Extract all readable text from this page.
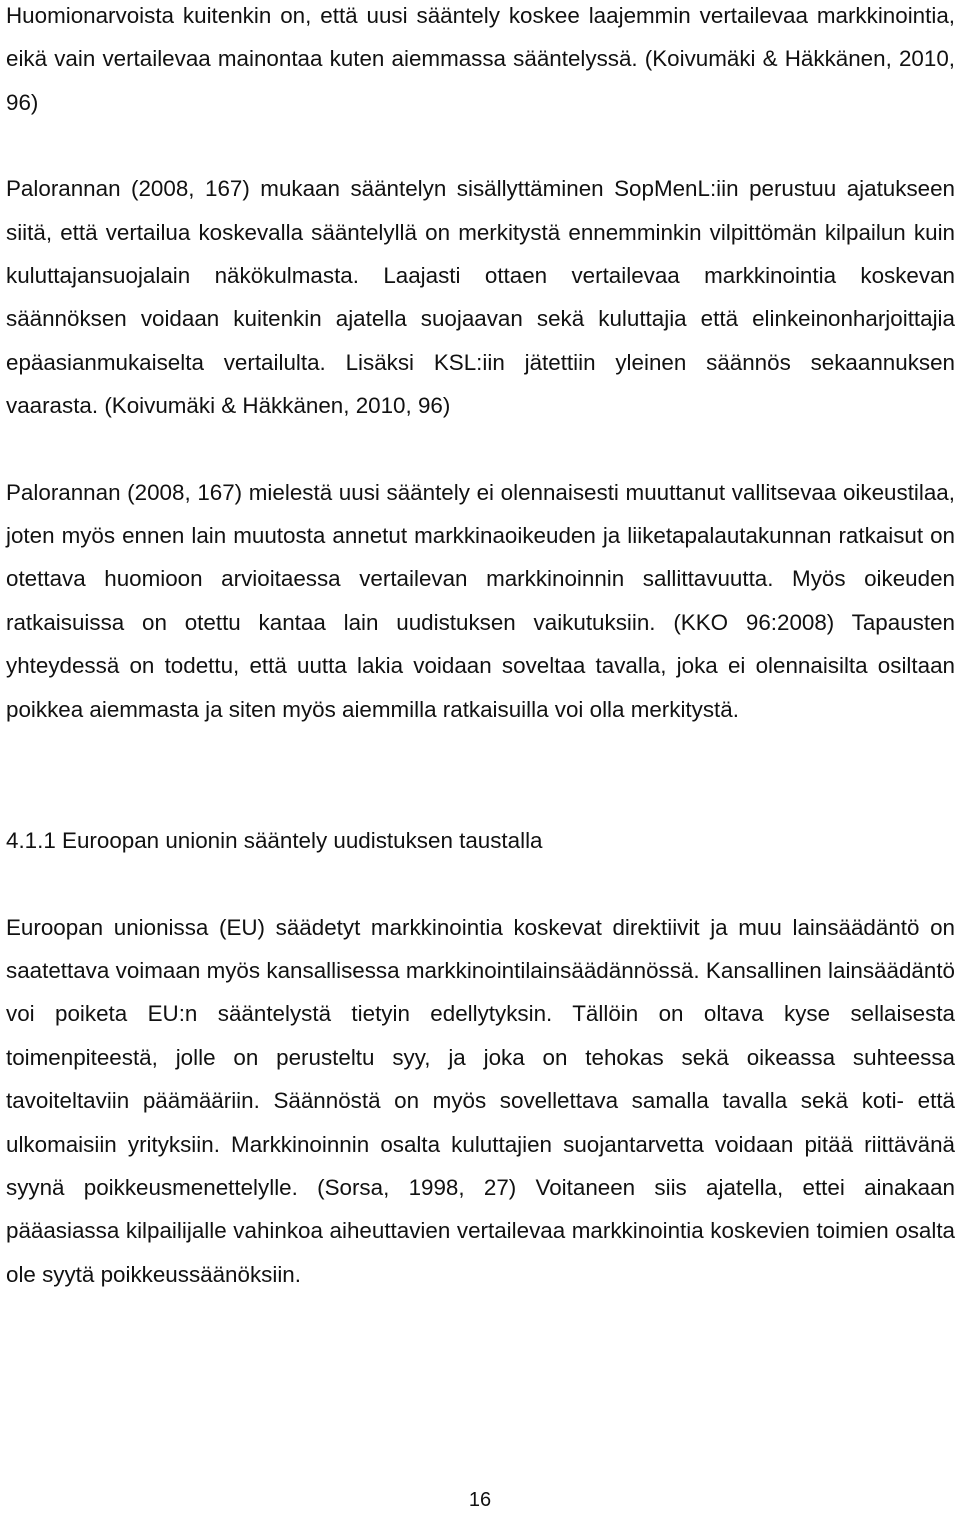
Huomionarvoista kuitenkin on, että uusi sääntely koskee laajemmin vertailevaa markkinointia, eikä vain vertailevaa mainontaa kuten aiemmassa sääntelyssä. (Koivumäki & Häkkänen, 2010, 96)

Palorannan (2008, 167) mukaan sääntelyn sisällyttäminen SopMenL:iin perustuu ajatukseen siitä, että vertailua koskevalla sääntelyllä on merkitystä ennemminkin vilpittömän kilpailun kuin kuluttajansuojalain näkökulmasta. Laajasti ottaen vertailevaa markkinointia koskevan säännöksen voidaan kuitenkin ajatella suojaavan sekä kuluttajia että elinkeinonharjoittajia epäasianmukaiselta vertailulta. Lisäksi KSL:iin jätettiin yleinen säännös sekaannuksen vaarasta. (Koivumäki & Häkkänen, 2010, 96)

Palorannan (2008, 167) mielestä uusi sääntely ei olennaisesti muuttanut vallitsevaa oikeustilaa, joten myös ennen lain muutosta annetut markkinaoikeuden ja liiketapalautakunnan ratkaisut on otettava huomioon arvioitaessa vertailevan markkinoinnin sallittavuutta. Myös oikeuden ratkaisuissa on otettu kantaa lain uudistuksen vaikutuksiin. (KKO 96:2008) Tapausten yhteydessä on todettu, että uutta lakia voidaan soveltaa tavalla, joka ei olennaisilta osiltaan poikkea aiemmasta ja siten myös aiemmilla ratkaisuilla voi olla merkitystä.

4.1.1 Euroopan unionin sääntely uudistuksen taustalla

Euroopan unionissa (EU) säädetyt markkinointia koskevat direktiivit ja muu lainsäädäntö on saatettava voimaan myös kansallisessa markkinointilainsäädännössä. Kansallinen lainsäädäntö voi poiketa EU:n sääntelystä tietyin edellytyksin. Tällöin on oltava kyse sellaisesta toimenpiteestä, jolle on perusteltu syy, ja joka on tehokas sekä oikeassa suhteessa tavoiteltaviin päämääriin. Säännöstä on myös sovellettava samalla tavalla sekä koti- että ulkomaisiin yrityksiin. Markkinoinnin osalta kuluttajien suojantarvetta voidaan pitää riittävänä syynä poikkeusmenettelylle. (Sorsa, 1998, 27) Voitaneen siis ajatella, ettei ainakaan pääasiassa kilpailijalle vahinkoa aiheuttavien vertailevaa markkinointia koskevien toimien osalta ole syytä poikkeussäänöksiin.

16
